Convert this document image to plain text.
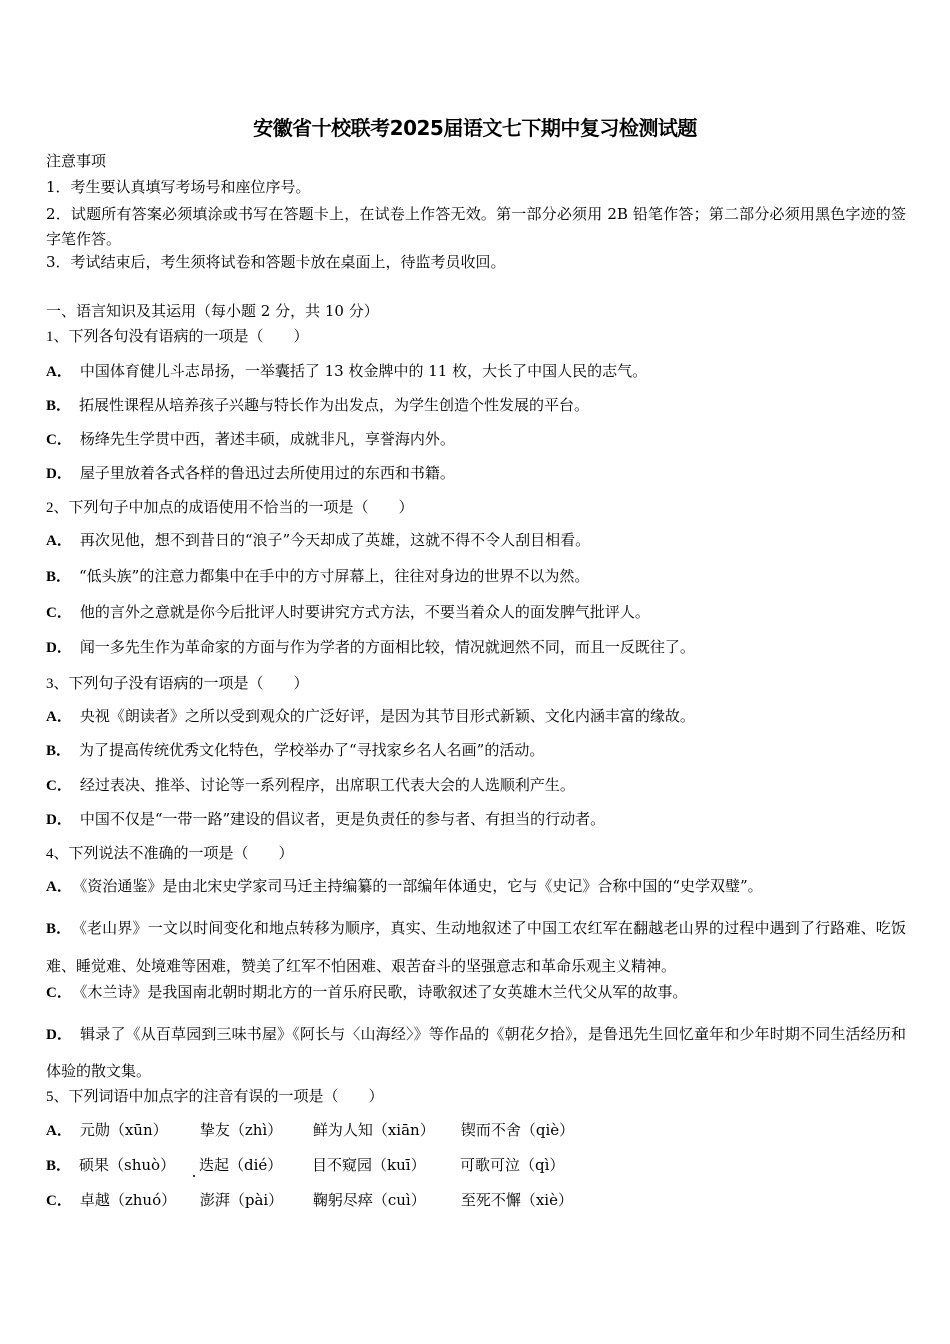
安徽省十校联考2025届语文七下期中复习检测试题
注意事项
1．考生要认真填写考场号和座位序号。
2．试题所有答案必须填涂或书写在答题卡上，在试卷上作答无效。第一部分必须用 2B 铅笔作答；第二部分必须用黑色字迹的签字笔作答。
3．考试结束后，考生须将试卷和答题卡放在桌面上，待监考员收回。
一、语言知识及其运用（每小题 2 分，共 10 分）
1、下列各句没有语病的一项是（　　）
A． 中国体育健儿斗志昂扬，一举囊括了 13 枚金牌中的 11 枚，大长了中国人民的志气。
B． 拓展性课程从培养孩子兴趣与特长作为出发点，为学生创造个性发展的平台。
C． 杨绛先生学贯中西，著述丰硕，成就非凡，享誉海内外。
D． 屋子里放着各式各样的鲁迅过去所使用过的东西和书籍。
2、下列句子中加点的成语使用不恰当的一项是（　　）
A． 再次见他，想不到昔日的“浪子”今天却成了英雄，这就不得不令人刮目相看。
B． “低头族”的注意力都集中在手中的方寸屏幕上，往往对身边的世界不以为然。
C． 他的言外之意就是你今后批评人时要讲究方式方法，不要当着众人的面发脾气批评人。
D． 闻一多先生作为革命家的方面与作为学者的方面相比较，情况就迥然不同，而且一反既往了。
3、下列句子没有语病的一项是（　　）
A． 央视《朗读者》之所以受到观众的广泛好评，是因为其节目形式新颖、文化内涵丰富的缘故。
B． 为了提高传统优秀文化特色，学校举办了“寻找家乡名人名画”的活动。
C． 经过表决、推举、讨论等一系列程序，出席职工代表大会的人选顺利产生。
D． 中国不仅是“一带一路”建设的倡议者，更是负责任的参与者、有担当的行动者。
4、下列说法不准确的一项是（　　）
A． 《资治通鉴》是由北宋史学家司马迁主持编纂的一部编年体通史，它与《史记》合称中国的“史学双璧”。
B． 《老山界》一文以时间变化和地点转移为顺序，真实、生动地叙述了中国工农红军在翻越老山界的过程中遇到了行路难、吃饭难、睡觉难、处境难等困难，赞美了红军不怕困难、艰苦奋斗的坚强意志和革命乐观主义精神。
C． 《木兰诗》是我国南北朝时期北方的一首乐府民歌，诗歌叙述了女英雄木兰代父从军的故事。
D． 辑录了《从百草园到三味书屋》《阿长与〈山海经〉》等作品的《朝花夕拾》，是鲁迅先生回忆童年和少年时期不同生活经历和体验的散文集。
5、下列词语中加点字的注音有误的一项是（　　）
A． 元勋（xūn） 挚友（zhì） 鲜为人知（xiān） 锲而不舍（qiè）
B． 硕果（shuò） 迭起（dié） 目不窥园（kuī） 可歌可泣（qì）
C． 卓越（zhuó） 澎湃（pài） 鞠躬尽瘁（cuì） 至死不懈（xiè）
